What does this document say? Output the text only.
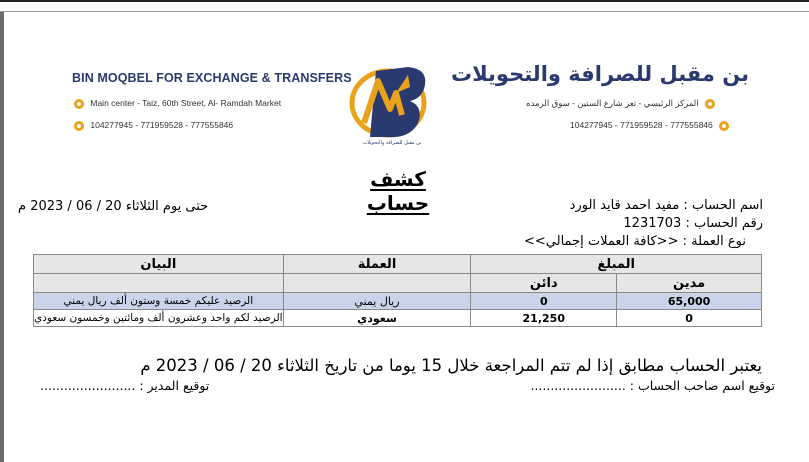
BIN MOQBEL FOR EXCHANGE & TRANSFERS
Main center - Taiz, 60th Street, Al- Ramdah Market
104277945 - 771959528 - 777555846
بن مقبل للصرافة والتحويلات
بن مقبل للصرافة والتحويلات
المركز الرئيسي - تعز شارع الستين - سوق الرمده
104277945 - 771959528 - 777555846
كشف حساب
حتى يوم الثلاثاء 20 / 06 / 2023 م	اسم الحساب : مفيد احمد قايد الورد
رقم الحساب : 1231703
<<نوع العملة : <<كافة العملات إجمالي
البيان	العملة	المبلغ	
		دائن	مدين
الرصيد عليكم خمسة وستون ألف ريال يمني	ريال يمني	0	65,000
الرصيد لكم واحد وعشرون ألف ومائتين وخمسون سعودي	سعودي	21,250	0
يعتبر الحساب مطابق إذا لم تتم المراجعة خلال 15 يوما من تاريخ الثلاثاء 20 / 06 / 2023 م
توقيع اسم صاحب الحساب : ........................
توقيع المدير : ........................
